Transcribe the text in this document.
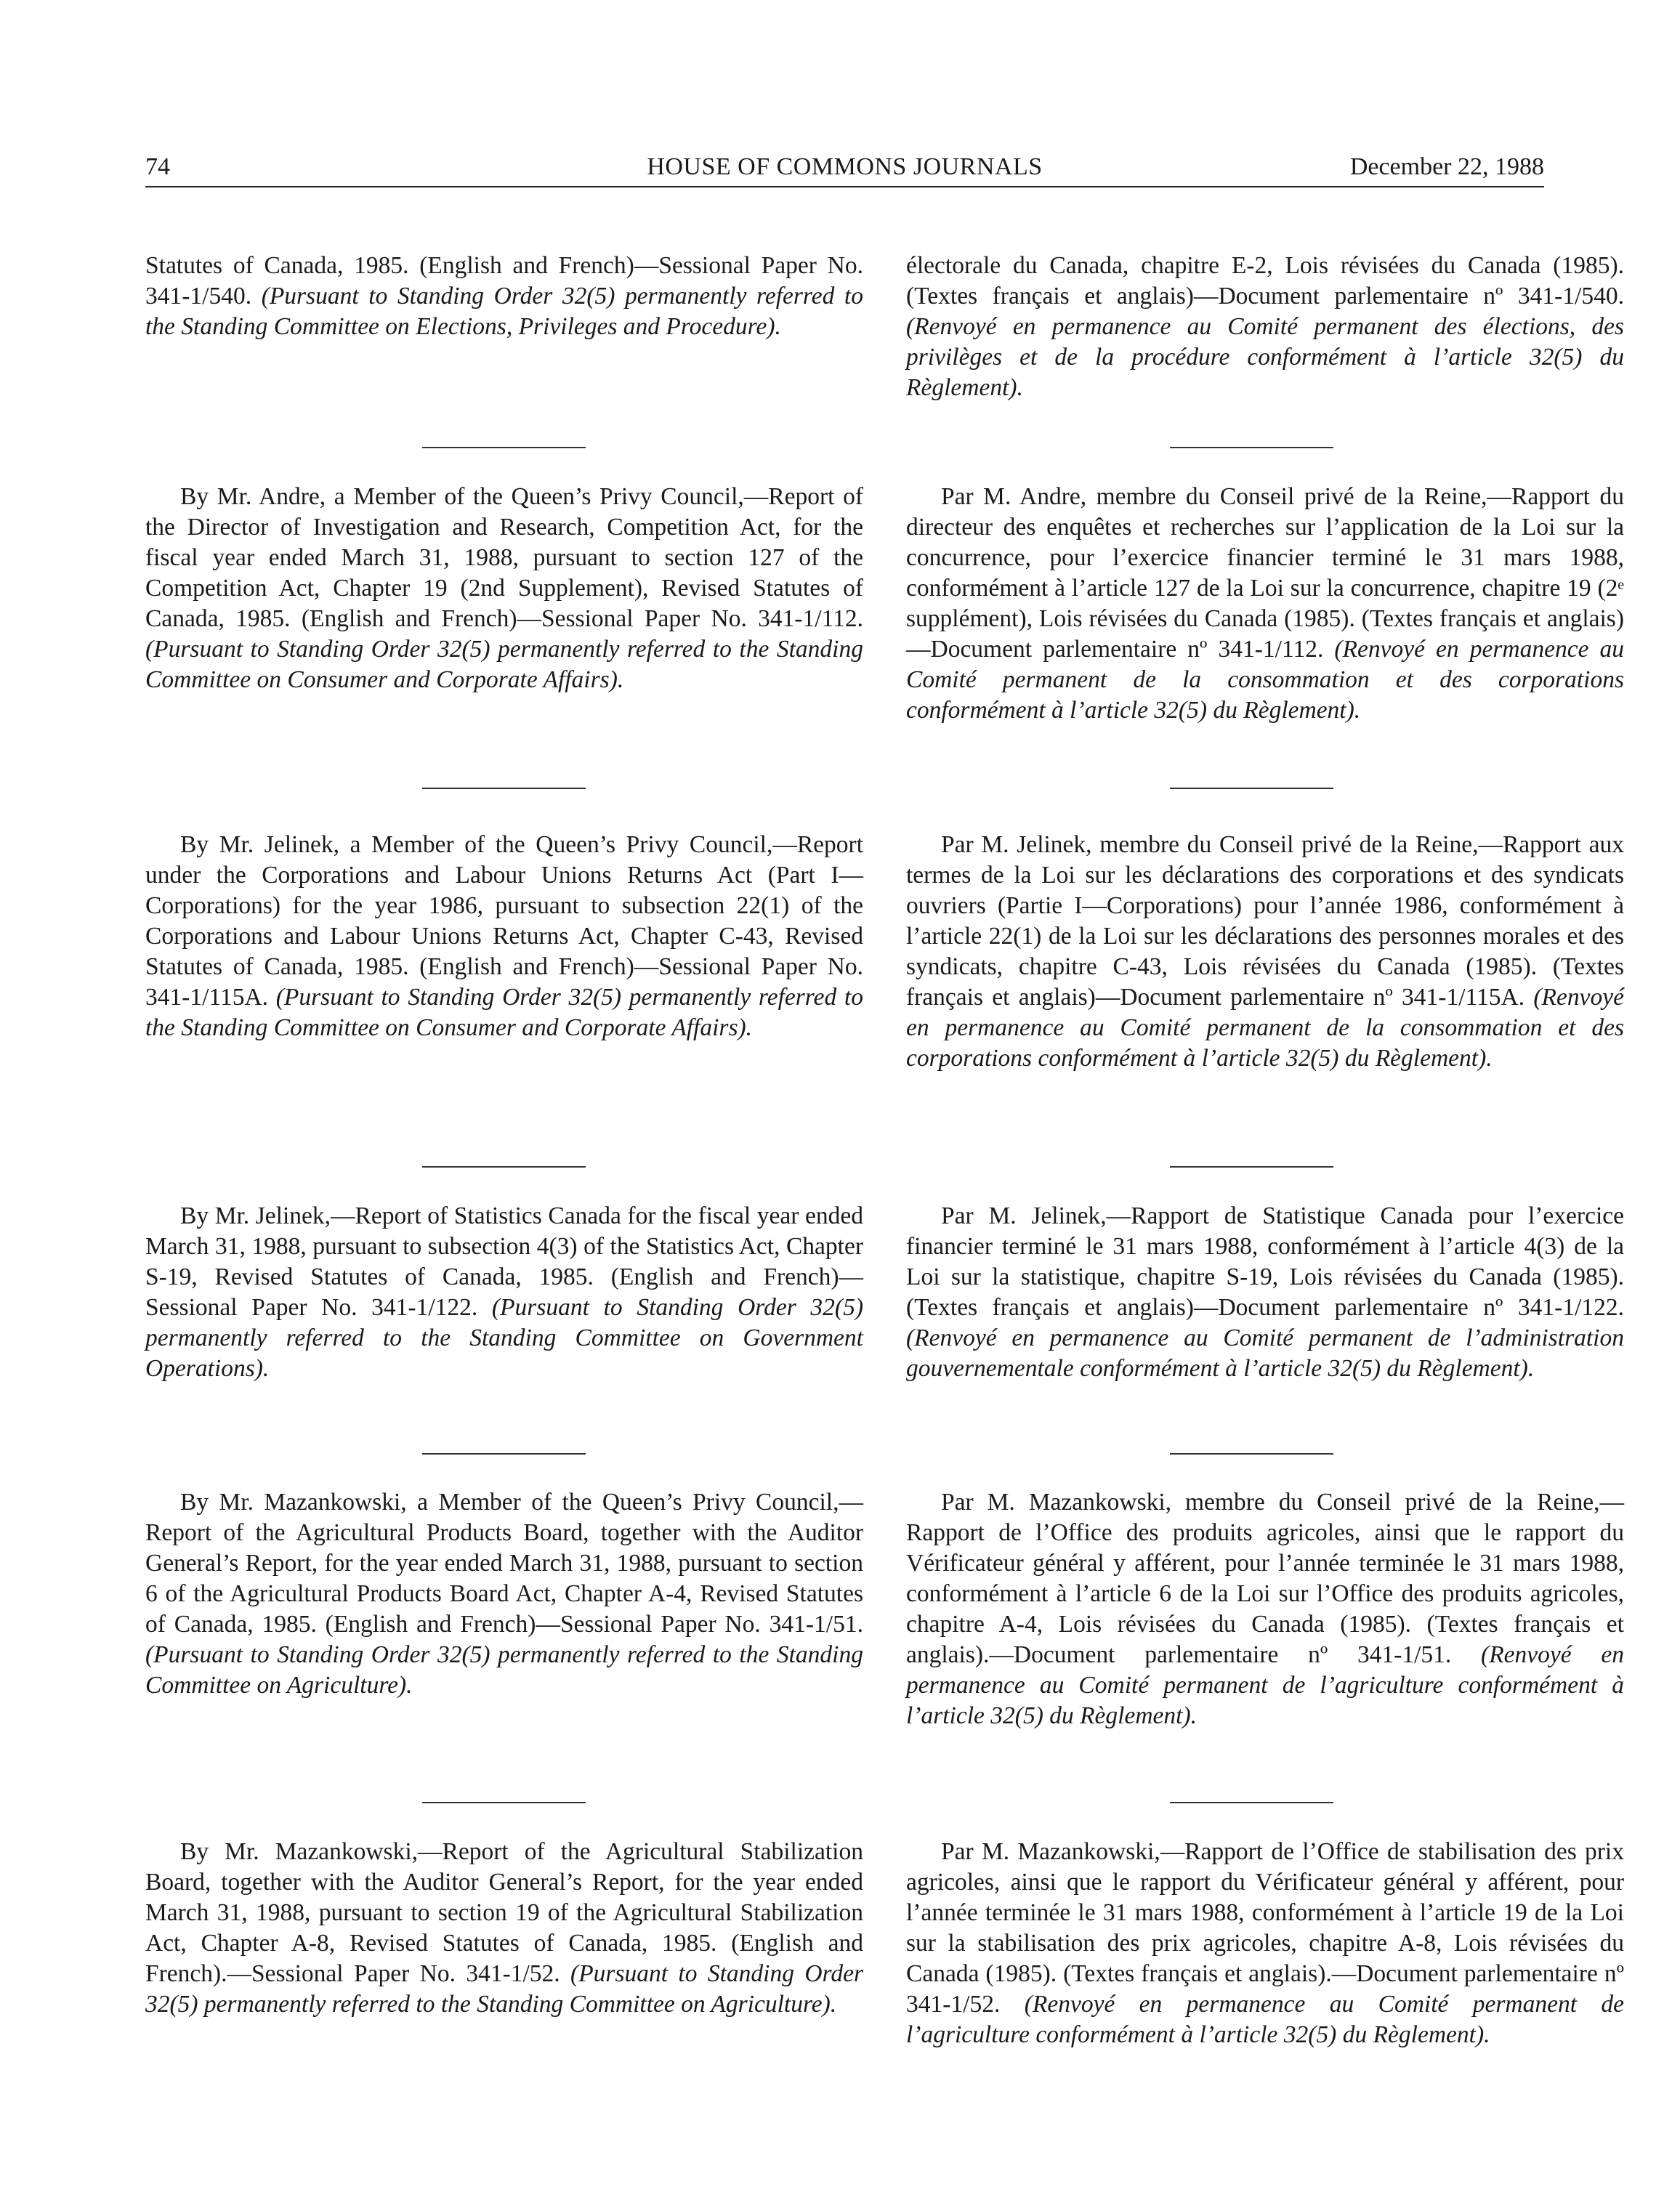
74	HOUSE OF COMMONS JOURNALS	December 22, 1988

Statutes of Canada, 1985. (English and French)—Sessional Paper No. 341-1/540. (Pursuant to Standing Order 32(5) permanently referred to the Standing Committee on Elections, Privileges and Procedure).

By Mr. Andre, a Member of the Queen’s Privy Council,—Report of the Director of Investigation and Research, Competition Act, for the fiscal year ended March 31, 1988, pursuant to section 127 of the Competition Act, Chapter 19 (2nd Supplement), Revised Statutes of Canada, 1985. (English and French)—Sessional Paper No. 341-1/112. (Pursuant to Standing Order 32(5) permanently referred to the Standing Committee on Consumer and Corporate Affairs).

By Mr. Jelinek, a Member of the Queen’s Privy Council,—Report under the Corporations and Labour Unions Returns Act (Part I—Corporations) for the year 1986, pursuant to subsection 22(1) of the Corporations and Labour Unions Returns Act, Chapter C-43, Revised Statutes of Canada, 1985. (English and French)—Sessional Paper No. 341-1/115A. (Pursuant to Standing Order 32(5) permanently referred to the Standing Committee on Consumer and Corporate Affairs).

By Mr. Jelinek,—Report of Statistics Canada for the fiscal year ended March 31, 1988, pursuant to subsection 4(3) of the Statistics Act, Chapter S-19, Revised Statutes of Canada, 1985. (English and French)—Sessional Paper No. 341-1/122. (Pursuant to Standing Order 32(5) permanently referred to the Standing Committee on Government Operations).

By Mr. Mazankowski, a Member of the Queen’s Privy Council,—Report of the Agricultural Products Board, together with the Auditor General’s Report, for the year ended March 31, 1988, pursuant to section 6 of the Agricultural Products Board Act, Chapter A-4, Revised Statutes of Canada, 1985. (English and French)—Sessional Paper No. 341-1/51. (Pursuant to Standing Order 32(5) permanently referred to the Standing Committee on Agriculture).

By Mr. Mazankowski,—Report of the Agricultural Stabilization Board, together with the Auditor General’s Report, for the year ended March 31, 1988, pursuant to section 19 of the Agricultural Stabilization Act, Chapter A-8, Revised Statutes of Canada, 1985. (English and French).—Sessional Paper No. 341-1/52. (Pursuant to Standing Order 32(5) permanently referred to the Standing Committee on Agriculture).

électorale du Canada, chapitre E-2, Lois révisées du Canada (1985). (Textes français et anglais)—Document parlementaire nº 341-1/540. (Renvoyé en permanence au Comité permanent des élections, des privilèges et de la procédure conformément à l’article 32(5) du Règlement).

Par M. Andre, membre du Conseil privé de la Reine,—Rapport du directeur des enquêtes et recherches sur l’application de la Loi sur la concurrence, pour l’exercice financier terminé le 31 mars 1988, conformément à l’article 127 de la Loi sur la concurrence, chapitre 19 (2ᵉ supplément), Lois révisées du Canada (1985). (Textes français et anglais)—Document parlementaire nº 341-1/112. (Renvoyé en permanence au Comité permanent de la consommation et des corporations conformément à l’article 32(5) du Règlement).

Par M. Jelinek, membre du Conseil privé de la Reine,—Rapport aux termes de la Loi sur les déclarations des corporations et des syndicats ouvriers (Partie I—Corporations) pour l’année 1986, conformément à l’article 22(1) de la Loi sur les déclarations des personnes morales et des syndicats, chapitre C-43, Lois révisées du Canada (1985). (Textes français et anglais)—Document parlementaire nº 341-1/115A. (Renvoyé en permanence au Comité permanent de la consommation et des corporations conformément à l’article 32(5) du Règlement).

Par M. Jelinek,—Rapport de Statistique Canada pour l’exercice financier terminé le 31 mars 1988, conformément à l’article 4(3) de la Loi sur la statistique, chapitre S-19, Lois révisées du Canada (1985). (Textes français et anglais)—Document parlementaire nº 341-1/122. (Renvoyé en permanence au Comité permanent de l’administration gouvernementale conformément à l’article 32(5) du Règlement).

Par M. Mazankowski, membre du Conseil privé de la Reine,—Rapport de l’Office des produits agricoles, ainsi que le rapport du Vérificateur général y afférent, pour l’année terminée le 31 mars 1988, conformément à l’article 6 de la Loi sur l’Office des produits agricoles, chapitre A-4, Lois révisées du Canada (1985). (Textes français et anglais).—Document parlementaire nº 341-1/51. (Renvoyé en permanence au Comité permanent de l’agriculture conformément à l’article 32(5) du Règlement).

Par M. Mazankowski,—Rapport de l’Office de stabilisation des prix agricoles, ainsi que le rapport du Vérificateur général y afférent, pour l’année terminée le 31 mars 1988, conformément à l’article 19 de la Loi sur la stabilisation des prix agricoles, chapitre A-8, Lois révisées du Canada (1985). (Textes français et anglais).—Document parlementaire nº 341-1/52. (Renvoyé en permanence au Comité permanent de l’agriculture conformément à l’article 32(5) du Règlement).
